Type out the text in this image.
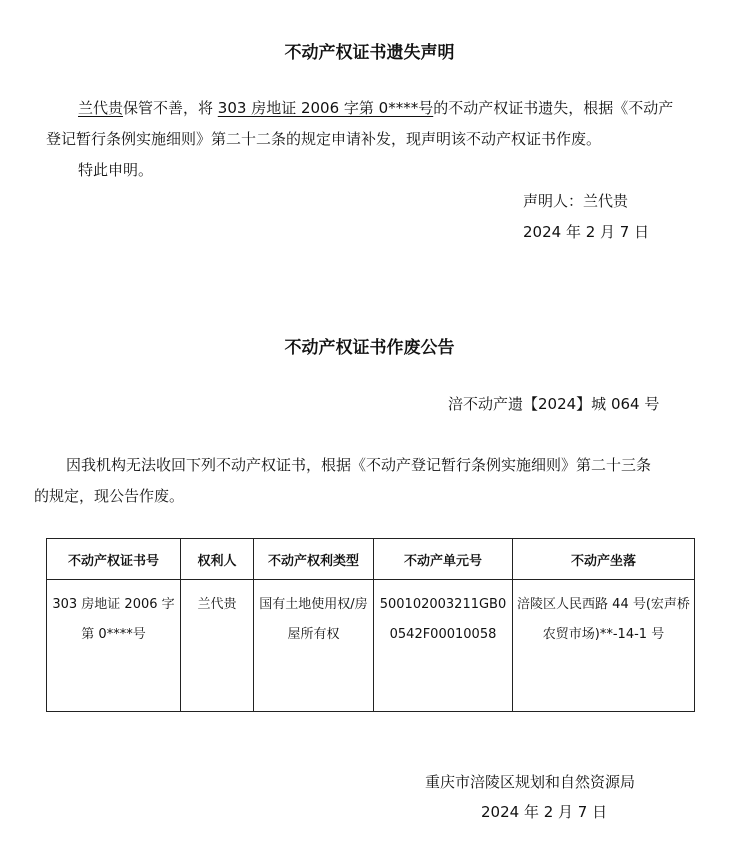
不动产权证书遗失声明
兰代贵保管不善，将 303 房地证 2006 字第 0****号的不动产权证书遗失，根据《不动产
登记暂行条例实施细则》第二十二条的规定申请补发，现声明该不动产权证书作废。
特此申明。
声明人：兰代贵
2024 年 2 月 7 日
不动产权证书作废公告
涪不动产遗【2024】城 064 号
因我机构无法收回下列不动产权证书，根据《不动产登记暂行条例实施细则》第二十三条
的规定，现公告作废。
不动产权证书号	权利人	不动产权利类型	不动产单元号	不动产坐落
303 房地证 2006 字第 0****号	兰代贵	国有土地使用权/房屋所有权	500102003211GB00542F00010058	涪陵区人民西路 44 号(宏声桥农贸市场)**-14-1 号
重庆市涪陵区规划和自然资源局
2024 年 2 月 7 日
